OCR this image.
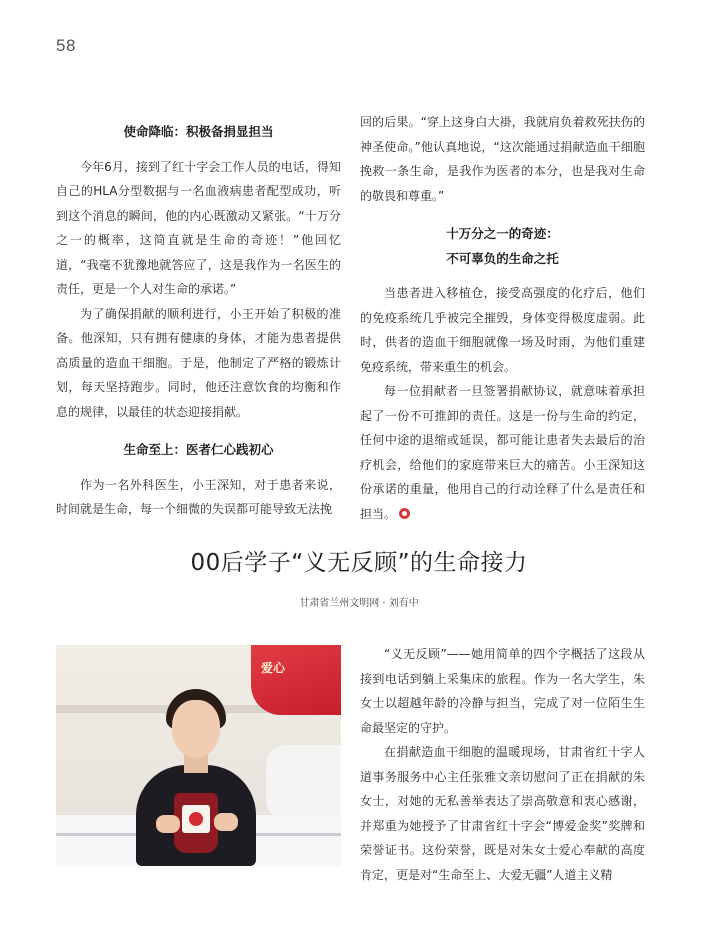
58
使命降临：积极备捐显担当

今年6月，接到了红十字会工作人员的电话，得知自己的HLA分型数据与一名血液病患者配型成功，听到这个消息的瞬间，他的内心既激动又紧张。“十万分之一的概率，这简直就是生命的奇迹！”他回忆道，“我毫不犹豫地就答应了，这是我作为一名医生的责任，更是一个人对生命的承诺。”

为了确保捐献的顺利进行，小王开始了积极的准备。他深知，只有拥有健康的身体，才能为患者提供高质量的造血干细胞。于是，他制定了严格的锻炼计划，每天坚持跑步。同时，他还注意饮食的均衡和作息的规律，以最佳的状态迎接捐献。

生命至上：医者仁心践初心

作为一名外科医生，小王深知，对于患者来说，时间就是生命，每一个细微的失误都可能导致无法挽

回的后果。“穿上这身白大褂，我就肩负着救死扶伤的神圣使命。”他认真地说，“这次能通过捐献造血干细胞挽救一条生命，是我作为医者的本分，也是我对生命的敬畏和尊重。”

十万分之一的奇迹：
不可辜负的生命之托

当患者进入移植仓，接受高强度的化疗后，他们的免疫系统几乎被完全摧毁，身体变得极度虚弱。此时，供者的造血干细胞就像一场及时雨，为他们重建免疫系统，带来重生的机会。

每一位捐献者一旦签署捐献协议，就意味着承担起了一份不可推卸的责任。这是一份与生命的约定，任何中途的退缩或延误，都可能让患者失去最后的治疗机会，给他们的家庭带来巨大的痛苦。小王深知这份承诺的重量，他用自己的行动诠释了什么是责任和担当。

00后学子“义无反顾”的生命接力
甘肃省兰州文明网 · 刘有中
爱心

“义无反顾”——她用简单的四个字概括了这段从接到电话到躺上采集床的旅程。作为一名大学生，朱女士以超越年龄的冷静与担当，完成了对一位陌生生命最坚定的守护。

在捐献造血干细胞的温暖现场，甘肃省红十字人道事务服务中心主任张雅文亲切慰问了正在捐献的朱女士，对她的无私善举表达了崇高敬意和衷心感谢，并郑重为她授予了甘肃省红十字会“博爱金奖”奖牌和荣誉证书。这份荣誉，既是对朱女士爱心奉献的高度肯定，更是对“生命至上、大爱无疆”人道主义精
